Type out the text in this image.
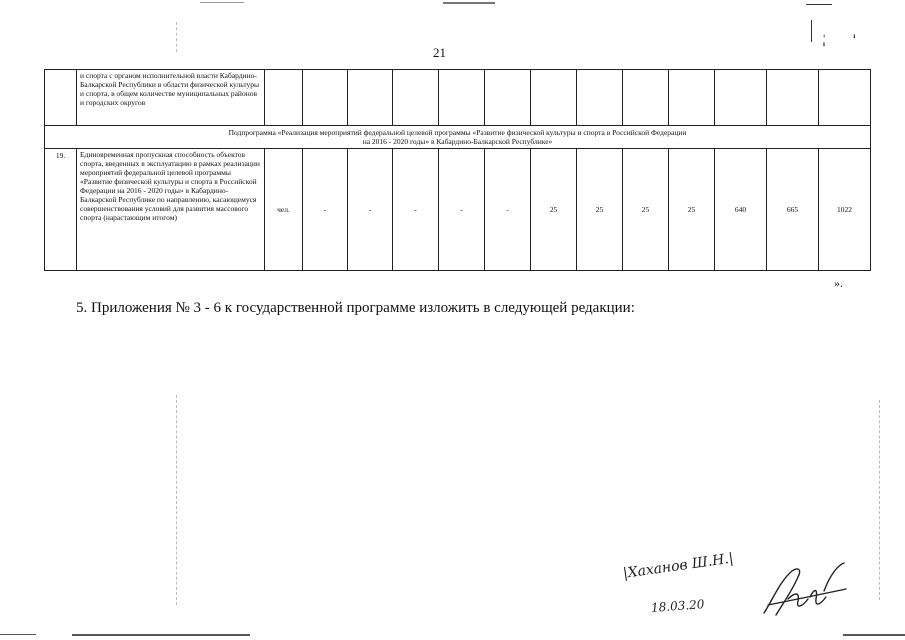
21
‹ı ı
	и спорта с органом исполнительной власти Кабардино-Балкарской Республики в области физической культуры и спорта, в общем количестве муниципальных районов и городских округов													

Подпрограмма «Реализация мероприятий федеральной целевой программы «Развитие физической культуры и спорта в Российской Федерации
на 2016 - 2020 годы» в Кабардино-Балкарской Республике»														

19.	Единовременная пропускная способность объектов спорта, введенных в эксплуатацию в рамках реализации мероприятий федеральной целевой программы «Развитие физической культуры и спорта в Российской Федерации на 2016 - 2020 годы» в Кабардино-Балкарской Республике по направлению, касающемуся совершенствования условий для развития массового спорта (нарастающим итогом)	чел.	-	-	-	-	-	25	25	25	25	640	665	1022
».
5. Приложения № 3 - 6 к государственной программе изложить в следующей редакции:
|Хаханов Ш.Н.|
18.03.20
